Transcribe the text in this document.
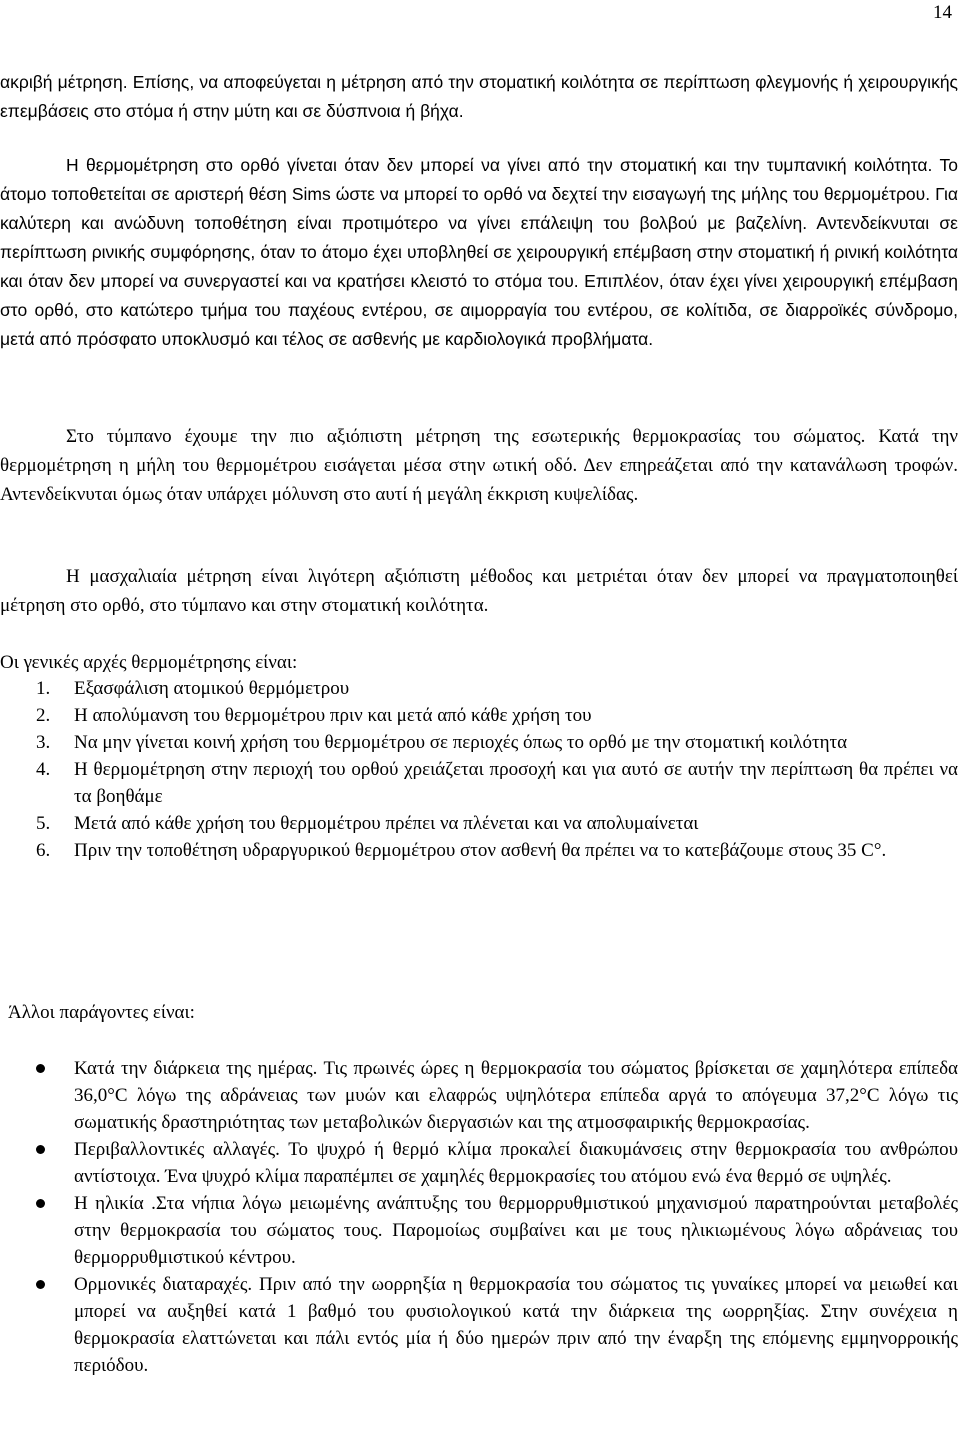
14

ακριβή μέτρηση. Επίσης, να αποφεύγεται η μέτρηση από την στοματική κοιλότητα σε περίπτωση φλεγμονής ή χειρουργικής επεμβάσεις στο στόμα ή στην μύτη και σε δύσπνοια ή βήχα.

Η θερμομέτρηση στο ορθό γίνεται όταν δεν μπορεί να γίνει από την στοματική και την τυμπανική κοιλότητα. Το άτομο τοποθετείται σε αριστερή θέση Sims ώστε να μπορεί το ορθό να δεχτεί την εισαγωγή της μήλης του θερμομέτρου. Για καλύτερη και ανώδυνη τοποθέτηση είναι προτιμότερο να γίνει επάλειψη του βολβού με βαζελίνη. Αντενδείκνυται σε περίπτωση ρινικής συμφόρησης, όταν το άτομο έχει υποβληθεί σε χειρουργική επέμβαση στην στοματική ή ρινική κοιλότητα και όταν δεν μπορεί να συνεργαστεί και να κρατήσει κλειστό το στόμα του. Επιπλέον, όταν έχει γίνει χειρουργική επέμβαση στο ορθό, στο κατώτερο τμήμα του παχέους εντέρου, σε αιμορραγία του εντέρου, σε κολίτιδα, σε διαρροϊκές σύνδρομο, μετά από πρόσφατο υποκλυσμό και τέλος σε ασθενής με καρδιολογικά προβλήματα.

Στο τύμπανο έχουμε την πιο αξιόπιστη μέτρηση της εσωτερικής θερμοκρασίας του σώματος. Κατά την θερμομέτρηση η μήλη του θερμομέτρου εισάγεται μέσα στην ωτική οδό. Δεν επηρεάζεται από την κατανάλωση τροφών. Αντενδείκνυται όμως όταν υπάρχει μόλυνση στο αυτί ή μεγάλη έκκριση κυψελίδας.

Η μασχαλιαία μέτρηση είναι λιγότερη αξιόπιστη μέθοδος και μετριέται όταν δεν μπορεί να πραγματοποιηθεί μέτρηση στο ορθό, στο τύμπανο και στην στοματική κοιλότητα.

Οι γενικές αρχές θερμομέτρησης είναι:
1. Εξασφάλιση ατομικού θερμόμετρου
2. Η απολύμανση του θερμομέτρου πριν και μετά από κάθε χρήση του
3. Να μην γίνεται κοινή χρήση του θερμομέτρου σε περιοχές όπως το ορθό με την στοματική κοιλότητα
4. Η θερμομέτρηση στην περιοχή του ορθού χρειάζεται προσοχή και για αυτό σε αυτήν την περίπτωση θα πρέπει να τα βοηθάμε
5. Μετά από κάθε χρήση του θερμομέτρου πρέπει να πλένεται και να απολυμαίνεται
6. Πριν την τοποθέτηση υδραργυρικού θερμομέτρου στον ασθενή θα πρέπει να το κατεβάζουμε στους 35 C°.
Άλλοι παράγοντες είναι:
Κατά την διάρκεια της ημέρας. Τις πρωινές ώρες η θερμοκρασία του σώματος βρίσκεται σε χαμηλότερα επίπεδα 36,0°C λόγω της αδράνειας των μυών και ελαφρώς υψηλότερα επίπεδα αργά το απόγευμα 37,2°C λόγω τις σωματικής δραστηριότητας των μεταβολικών διεργασιών και της ατμοσφαιρικής θερμοκρασίας.
Περιβαλλοντικές αλλαγές. Το ψυχρό ή θερμό κλίμα προκαλεί διακυμάνσεις στην θερμοκρασία του ανθρώπου αντίστοιχα. Ένα ψυχρό κλίμα παραπέμπει σε χαμηλές θερμοκρασίες του ατόμου ενώ ένα θερμό σε υψηλές.
Η ηλικία .Στα νήπια λόγω μειωμένης ανάπτυξης του θερμορρυθμιστικού μηχανισμού παρατηρούνται μεταβολές στην θερμοκρασία του σώματος τους. Παρομοίως συμβαίνει και με τους ηλικιωμένους λόγω αδράνειας του θερμορρυθμιστικού κέντρου.
Ορμονικές διαταραχές. Πριν από την ωορρηξία η θερμοκρασία του σώματος τις γυναίκες μπορεί να μειωθεί και μπορεί να αυξηθεί κατά 1 βαθμό του φυσιολογικού κατά την διάρκεια της ωορρηξίας. Στην συνέχεια η θερμοκρασία ελαττώνεται και πάλι εντός μία ή δύο ημερών πριν από την έναρξη της επόμενης εμμηνορροικής περιόδου.
